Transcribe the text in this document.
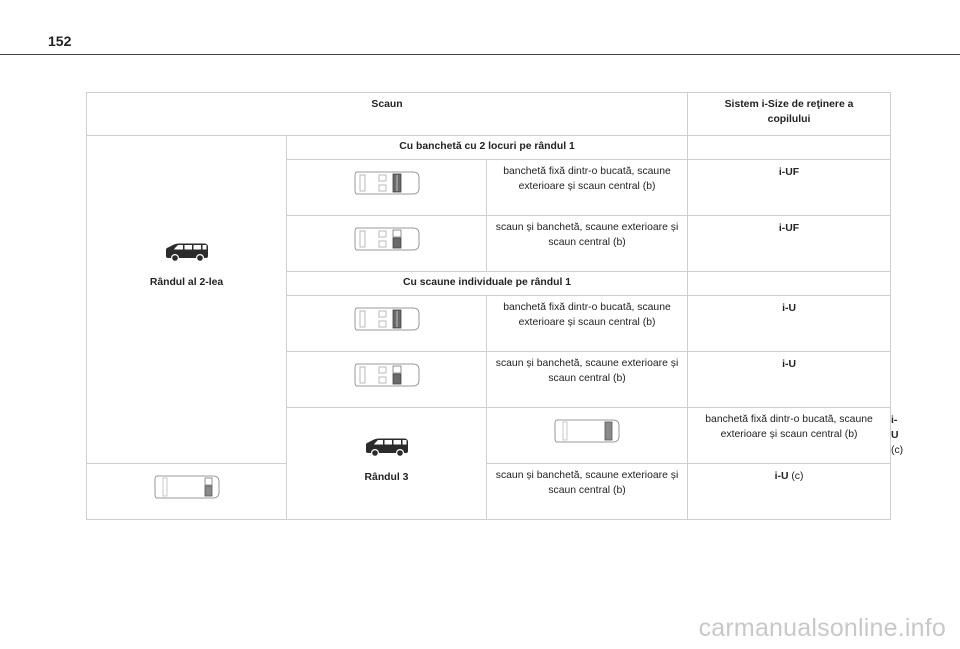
152
Scaun			Sistem i-Size de reţinere a copilului	

Rândul al 2-lea	Cu banchetă cu 2 locuri pe rândul 1			

	banchetă fixă dintr-o bucată, scaune exterioare și scaun central (b)	i-UF	

	scaun și banchetă, scaune exterioare și scaun central (b)	i-UF	
	Cu scaune individuale pe rândul 1			

	banchetă fixă dintr-o bucată, scaune exterioare și scaun central (b)	i-U	

	scaun și banchetă, scaune exterioare și scaun central (b)	i-U	

	Rândul 3		banchetă fixă dintr-o bucată, scaune exterioare și scaun central (b)	i-U (c)

	scaun și banchetă, scaune exterioare și scaun central (b)	i-U (c)	
carmanualsonline.info
